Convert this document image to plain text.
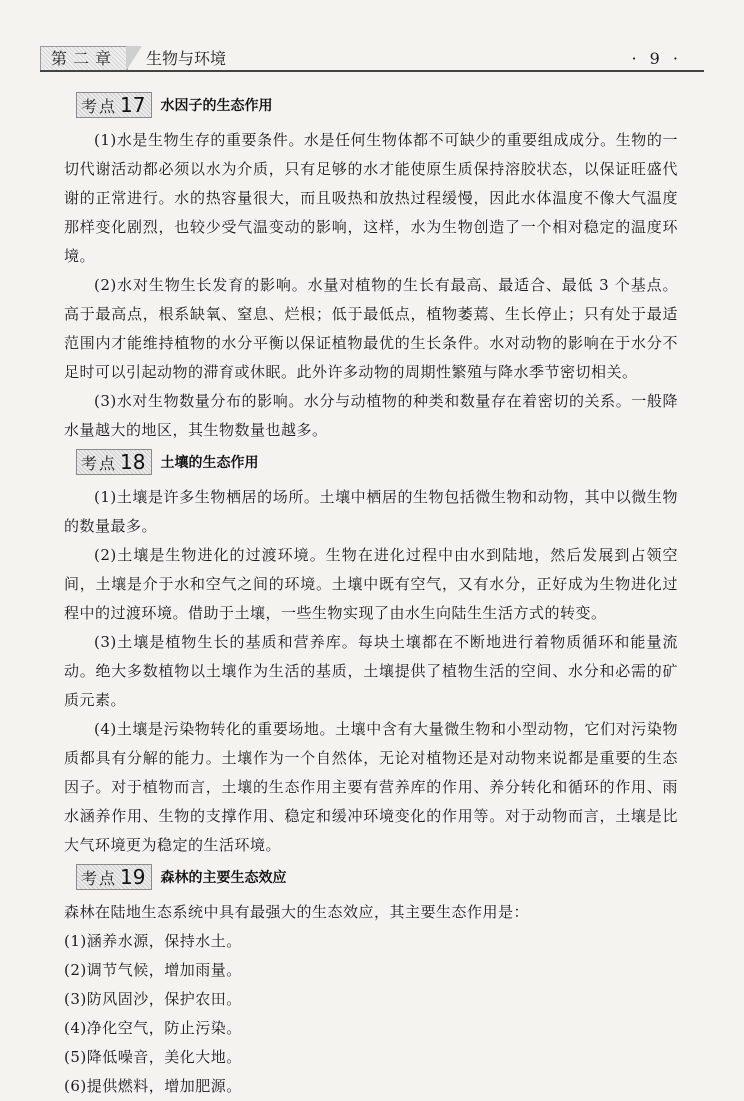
第二章	生物与环境	· 9 ·
考点 17 水因子的生态作用

(1)水是生物生存的重要条件。水是任何生物体都不可缺少的重要组成成分。生物的一切代谢活动都必须以水为介质，只有足够的水才能使原生质保持溶胶状态，以保证旺盛代谢的正常进行。水的热容量很大，而且吸热和放热过程缓慢，因此水体温度不像大气温度那样变化剧烈，也较少受气温变动的影响，这样，水为生物创造了一个相对稳定的温度环境。

(2)水对生物生长发育的影响。水量对植物的生长有最高、最适合、最低 3 个基点。高于最高点，根系缺氧、窒息、烂根；低于最低点，植物萎蔫、生长停止；只有处于最适范围内才能维持植物的水分平衡以保证植物最优的生长条件。水对动物的影响在于水分不足时可以引起动物的滞育或休眠。此外许多动物的周期性繁殖与降水季节密切相关。

(3)水对生物数量分布的影响。水分与动植物的种类和数量存在着密切的关系。一般降水量越大的地区，其生物数量也越多。

考点 18 土壤的生态作用

(1)土壤是许多生物栖居的场所。土壤中栖居的生物包括微生物和动物，其中以微生物的数量最多。

(2)土壤是生物进化的过渡环境。生物在进化过程中由水到陆地，然后发展到占领空间，土壤是介于水和空气之间的环境。土壤中既有空气，又有水分，正好成为生物进化过程中的过渡环境。借助于土壤，一些生物实现了由水生向陆生生活方式的转变。

(3)土壤是植物生长的基质和营养库。每块土壤都在不断地进行着物质循环和能量流动。绝大多数植物以土壤作为生活的基质，土壤提供了植物生活的空间、水分和必需的矿质元素。

(4)土壤是污染物转化的重要场地。土壤中含有大量微生物和小型动物，它们对污染物质都具有分解的能力。土壤作为一个自然体，无论对植物还是对动物来说都是重要的生态因子。对于植物而言，土壤的生态作用主要有营养库的作用、养分转化和循环的作用、雨水涵养作用、生物的支撑作用、稳定和缓冲环境变化的作用等。对于动物而言，土壤是比大气环境更为稳定的生活环境。

考点 19 森林的主要生态效应

森林在陆地生态系统中具有最强大的生态效应，其主要生态作用是：

(1)涵养水源，保持水土。

(2)调节气候，增加雨量。

(3)防风固沙，保护农田。

(4)净化空气，防止污染。

(5)降低噪音，美化大地。

(6)提供燃料，增加肥源。
